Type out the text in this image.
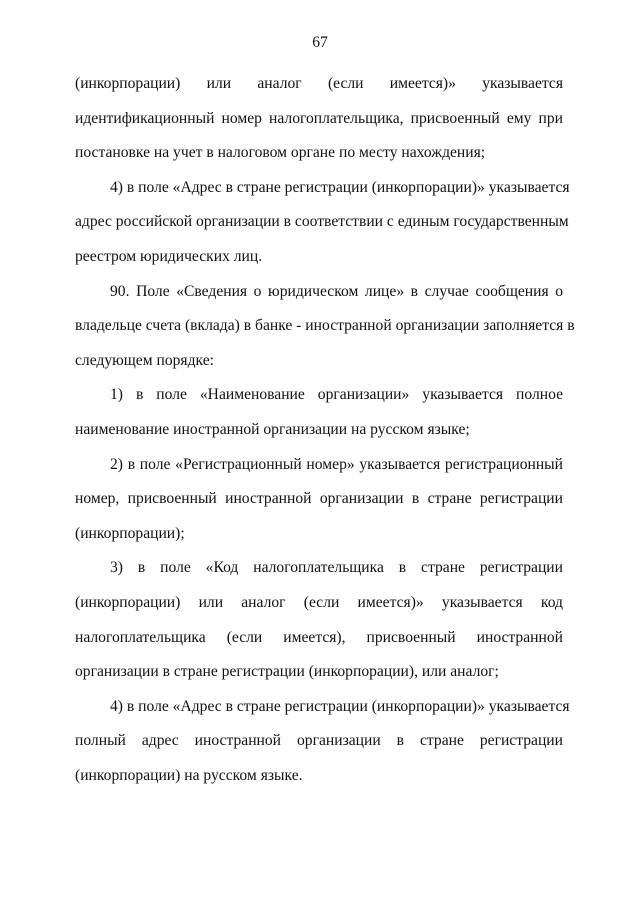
67
(инкорпорации) или аналог (если имеется)» указывается
идентификационный номер налогоплательщика, присвоенный ему при
постановке на учет в налоговом органе по месту нахождения;
4) в поле «Адрес в стране регистрации (инкорпорации)» указывается
адрес российской организации в соответствии с единым государственным
реестром юридических лиц.
90. Поле «Сведения о юридическом лице» в случае сообщения о
владельце счета (вклада) в банке - иностранной организации заполняется в
следующем порядке:
1) в поле «Наименование организации» указывается полное
наименование иностранной организации на русском языке;
2) в поле «Регистрационный номер» указывается регистрационный
номер, присвоенный иностранной организации в стране регистрации
(инкорпорации);
3) в поле «Код налогоплательщика в стране регистрации
(инкорпорации) или аналог (если имеется)» указывается код
налогоплательщика (если имеется), присвоенный иностранной
организации в стране регистрации (инкорпорации), или аналог;
4) в поле «Адрес в стране регистрации (инкорпорации)» указывается
полный адрес иностранной организации в стране регистрации
(инкорпорации) на русском языке.
